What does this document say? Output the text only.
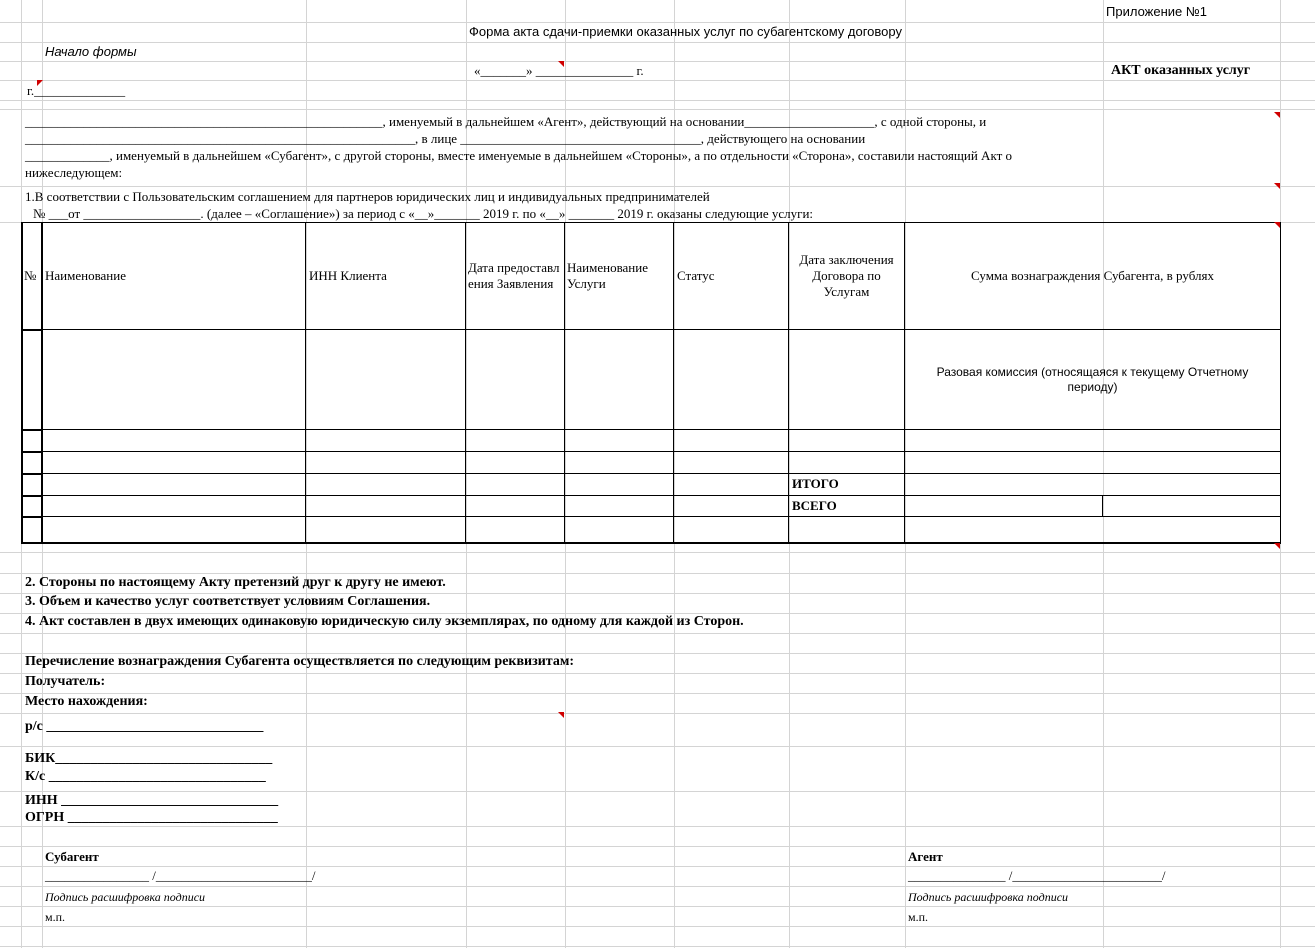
Приложение №1
Форма акта сдачи-приемки оказанных услуг по субагентскому договору
Начало формы
«_______» _______________ г.	АКТ оказанных услуг
г.______________
_______________________________________________________, именуемый в дальнейшем «Агент», действующий на основании____________________, с одной стороны, и
____________________________________________________________, в лице _____________________________________, действующего на основании
_____________, именуемый в дальнейшем «Субагент», с другой стороны, вместе именуемые в дальнейшем «Стороны», а по отдельности «Сторона», составили настоящий Акт о
нижеследующем:
1.В соответствии с Пользовательским соглашением для партнеров юридических лиц и индивидуальных предпринимателей
№ ___от __________________. (далее – «Соглашение») за период с «__»_______ 2019 г. по «__» _______ 2019 г. оказаны следующие услуги:
№ Наименование	ИНН Клиента
Дата предоставления Заявления
Наименование Услуги
Статус
Дата заключения Договора по Услугам
Сумма вознаграждения Субагента, в рублях
Разовая комиссия (относящаяся к текущему Отчетному периоду)
ИТОГО
ВСЕГО
2. Стороны по настоящему Акту претензий друг к другу не имеют.
3. Объем и качество услуг соответствует условиям Соглашения.
4. Акт составлен в двух имеющих одинаковую юридическую силу экземплярах, по одному для каждой из Сторон.
Перечисление вознаграждения Субагента осуществляется по следующим реквизитам:
Получатель:
Место нахождения:
р/с _______________________________
БИК_______________________________
К/с _______________________________
ИНН _______________________________
ОГРН ______________________________
Субагент
________________ /________________________/
Подпись расшифровка подписи
м.п.
Агент
_______________ /_______________________/
Подпись расшифровка подписи
м.п.
